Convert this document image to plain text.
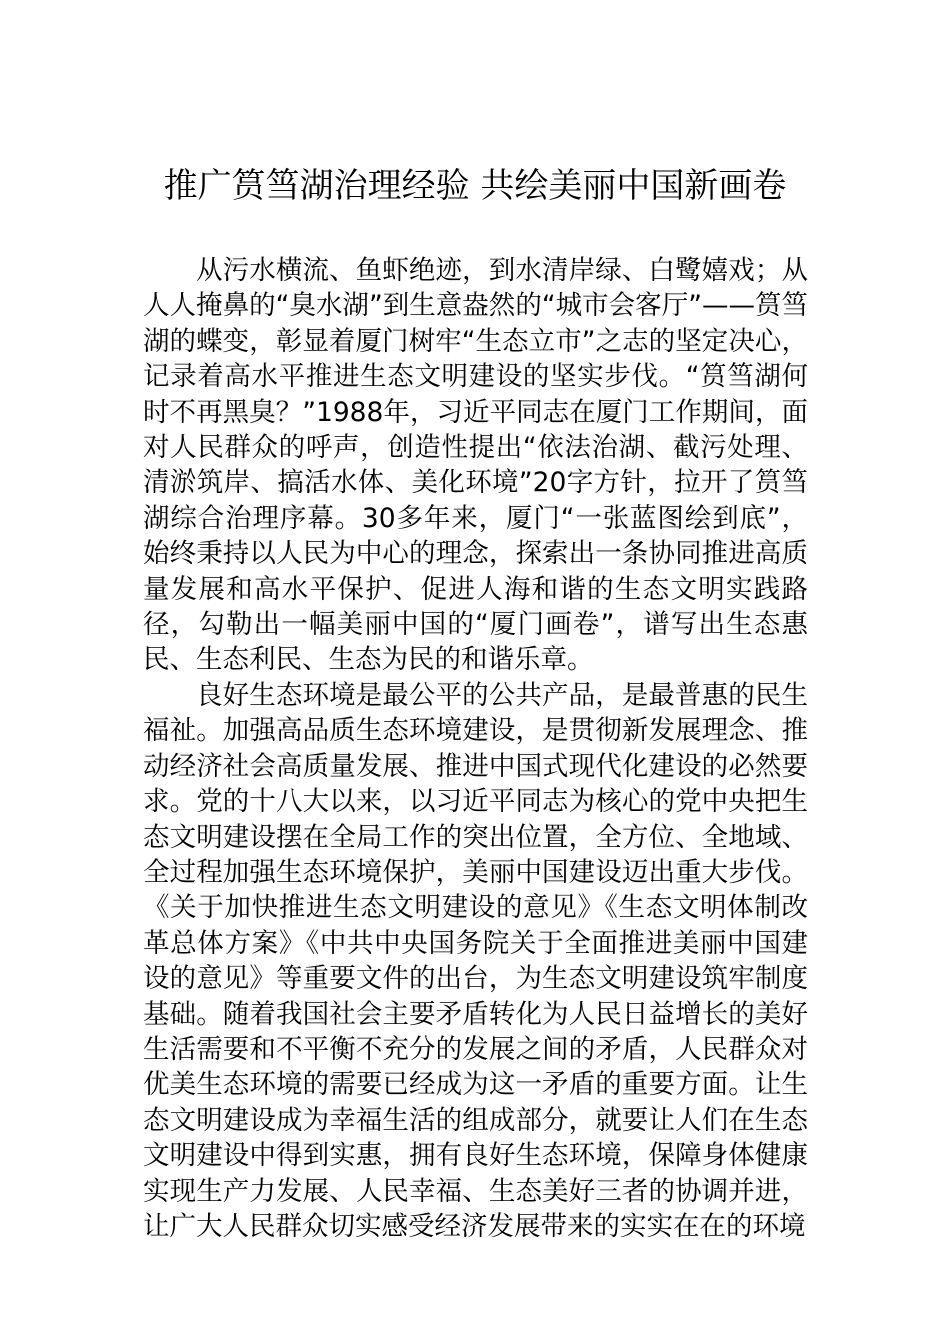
推广筼筜湖治理经验 共绘美丽中国新画卷

从污水横流、鱼虾绝迹，到水清岸绿、白鹭嬉戏；从人人掩鼻的“臭水湖”到生意盎然的“城市会客厅”——筼筜湖的蝶变，彰显着厦门树牢“生态立市”之志的坚定决心，记录着高水平推进生态文明建设的坚实步伐。“筼筜湖何时不再黑臭？”1988年，习近平同志在厦门工作期间，面对人民群众的呼声，创造性提出“依法治湖、截污处理、清淤筑岸、搞活水体、美化环境”20字方针，拉开了筼筜湖综合治理序幕。30多年来，厦门“一张蓝图绘到底”，始终秉持以人民为中心的理念，探索出一条协同推进高质量发展和高水平保护、促进人海和谐的生态文明实践路径，勾勒出一幅美丽中国的“厦门画卷”，谱写出生态惠民、生态利民、生态为民的和谐乐章。

良好生态环境是最公平的公共产品，是最普惠的民生福祉。加强高品质生态环境建设，是贯彻新发展理念、推动经济社会高质量发展、推进中国式现代化建设的必然要求。党的十八大以来，以习近平同志为核心的党中央把生态文明建设摆在全局工作的突出位置，全方位、全地域、全过程加强生态环境保护，美丽中国建设迈出重大步伐。《关于加快推进生态文明建设的意见》《生态文明体制改革总体方案》《中共中央国务院关于全面推进美丽中国建设的意见》等重要文件的出台，为生态文明建设筑牢制度基础。随着我国社会主要矛盾转化为人民日益增长的美好生活需要和不平衡不充分的发展之间的矛盾，人民群众对优美生态环境的需要已经成为这一矛盾的重要方面。让生态文明建设成为幸福生活的组成部分，就要让人们在生态文明建设中得到实惠，拥有良好生态环境，保障身体健康实现生产力发展、人民幸福、生态美好三者的协调并进，让广大人民群众切实感受经济发展带来的实实在在的环境
